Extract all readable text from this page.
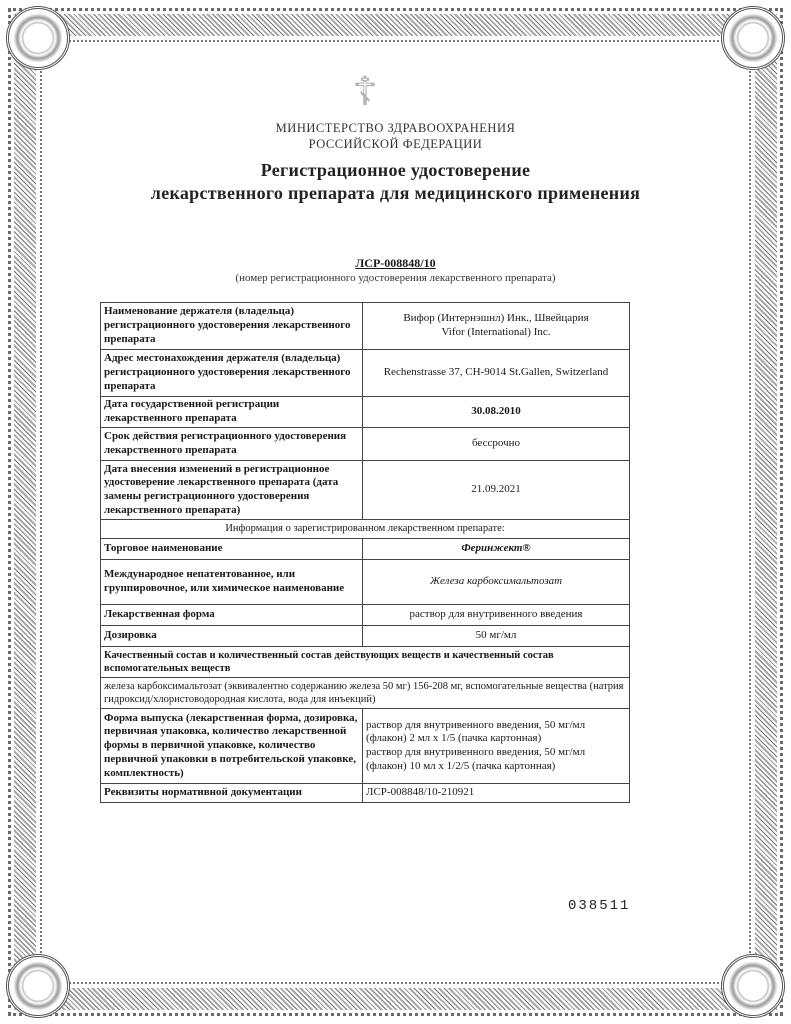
☦
МИНИСТЕРСТВО ЗДРАВООХРАНЕНИЯ
РОССИЙСКОЙ ФЕДЕРАЦИИ
Регистрационное удостоверение
лекарственного препарата для медицинского применения
ЛСР-008848/10
(номер регистрационного удостоверения лекарственного препарата)
Наименование держателя (владельца) регистрационного удостоверения лекарственного препарата	Вифор (Интернэшнл) Инк., Швейцария
Vifor (International) Inc.

Адрес местонахождения держателя (владельца) регистрационного удостоверения лекарственного препарата	Rechenstrasse 37, CH-9014 St.Gallen, Switzerland
Дата государственной регистрации лекарственного препарата	30.08.2010
Срок действия регистрационного удостоверения лекарственного препарата	бессрочно
Дата внесения изменений в регистрационное удостоверение лекарственного препарата (дата замены регистрационного удостоверения лекарственного препарата)	21.09.2021
Информация о зарегистрированном лекарственном препарате:	
Торговое наименование	Феринжект®
Международное непатентованное, или группировочное, или химическое наименование	Железа карбоксимальтозат
Лекарственная форма	раствор для внутривенного введения
Дозировка	50 мг/мл
Качественный состав и количественный состав действующих веществ и качественный состав вспомогательных веществ	
железа карбоксимальтозат (эквивалентно содержанию железа 50 мг) 156-208 мг, вспомогательные вещества (натрия гидроксид/хлористоводородная кислота, вода для инъекций)	
Форма выпуска (лекарственная форма, дозировка, первичная упаковка, количество лекарственной формы в первичной упаковке, количество первичной упаковки в потребительской упаковке, комплектность)	раствор для внутривенного введения, 50 мг/мл (флакон) 2 мл x 1/5 (пачка картонная)
раствор для внутривенного введения, 50 мг/мл (флакон) 10 мл x 1/2/5 (пачка картонная)

Реквизиты нормативной документации	ЛСР-008848/10-210921
038511
